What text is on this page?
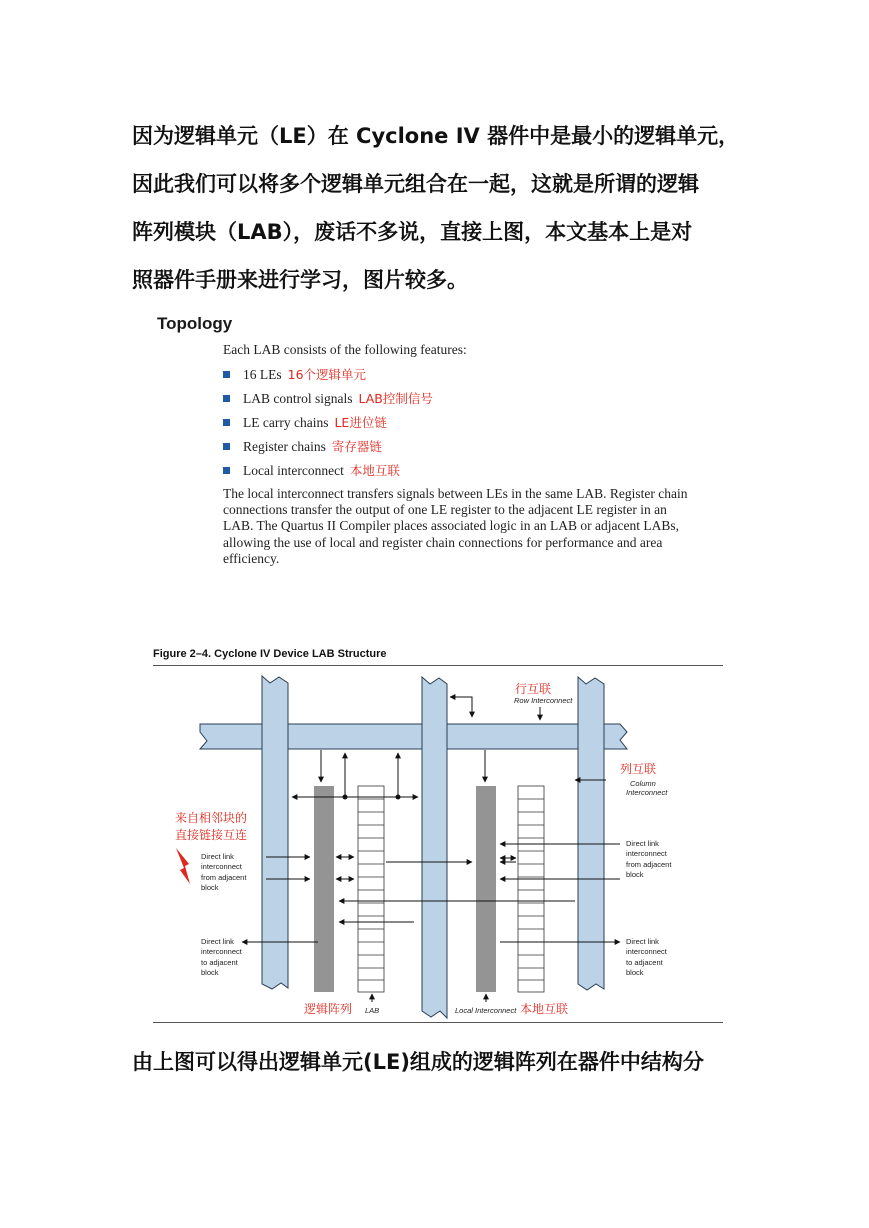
因为逻辑单元（LE）在 Cyclone IV 器件中是最小的逻辑单元，

因此我们可以将多个逻辑单元组合在一起，这就是所谓的逻辑

阵列模块（LAB），废话不多说，直接上图，本文基本上是对

照器件手册来进行学习，图片较多。

Topology
Each LAB consists of the following features:
16 LEs 16个逻辑单元
LAB control signals LAB控制信号
LE carry chains LE进位链
Register chains 寄存器链
Local interconnect 本地互联
The local interconnect transfers signals between LEs in the same LAB. Register chain
connections transfer the output of one LE register to the adjacent LE register in an
LAB. The Quartus II Compiler places associated logic in an LAB or adjacent LABs,
allowing the use of local and register chain connections for performance and area
efficiency.
Figure 2–4. Cyclone IV Device LAB Structure
行互联
Row Interconnect
列互联
Column
Interconnect
来自相邻块的
直接链接互连
Direct link
interconnect
from adjacent
block
Direct link
interconnect
to adjacent
block
Direct link
interconnect
from adjacent
block
Direct link
interconnect
to adjacent
block
逻辑阵列 LAB	Local Interconnect 本地互联
由上图可以得出逻辑单元(LE)组成的逻辑阵列在器件中结构分
